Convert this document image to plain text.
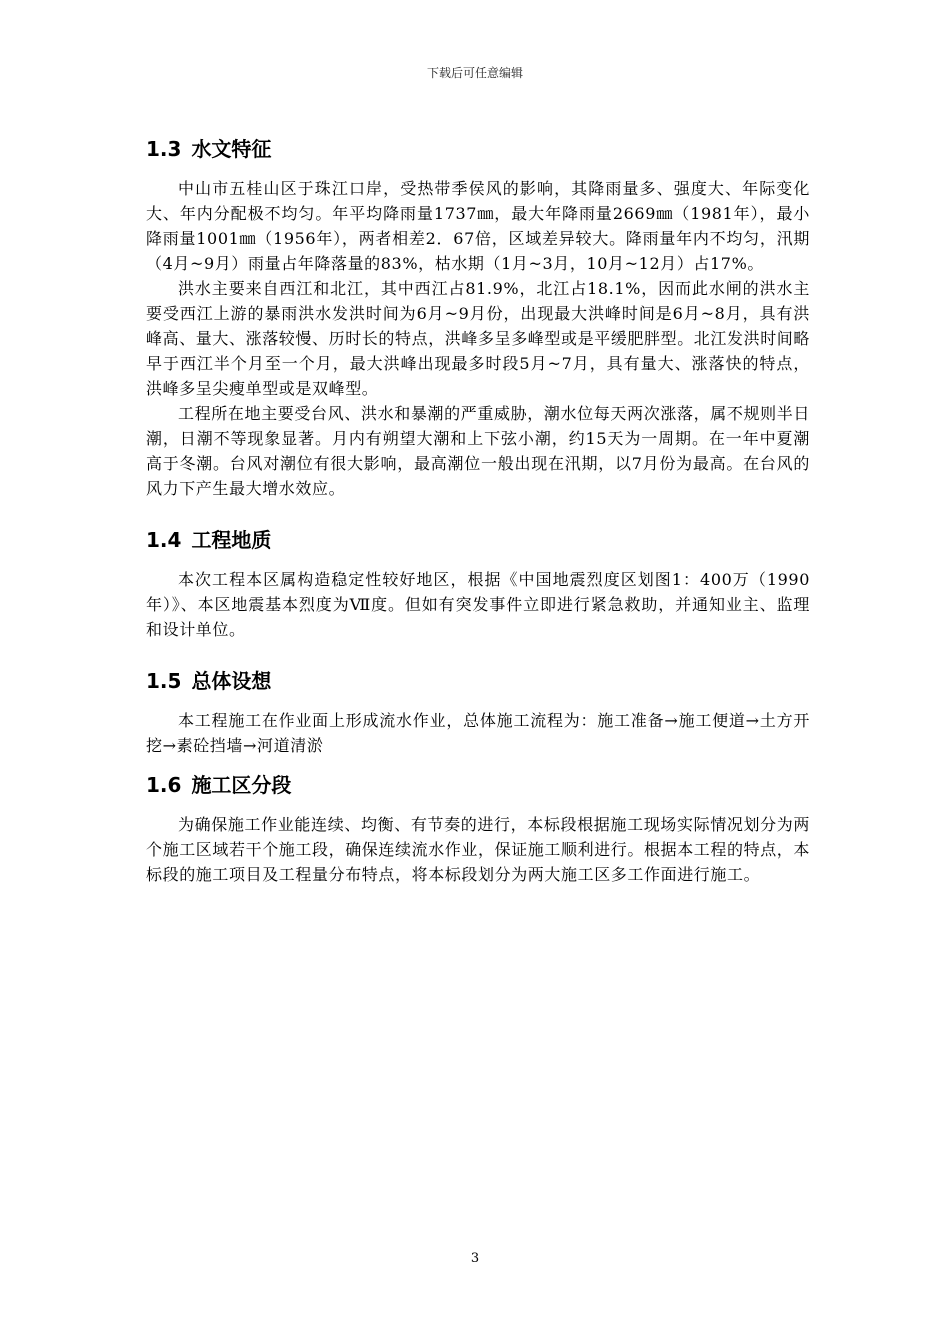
下载后可任意编辑
1.3 水文特征

中山市五桂山区于珠江口岸，受热带季侯风的影响，其降雨量多、强度大、年际变化大、年内分配极不均匀。年平均降雨量1737㎜，最大年降雨量2669㎜（1981年），最小降雨量1001㎜（1956年），两者相差2．67倍，区域差异较大。降雨量年内不均匀，汛期（4月~9月）雨量占年降落量的83%，枯水期（1月~3月，10月~12月）占17%。

洪水主要来自西江和北江，其中西江占81.9%，北江占18.1%，因而此水闸的洪水主要受西江上游的暴雨洪水发洪时间为6月~9月份，出现最大洪峰时间是6月~8月，具有洪峰高、量大、涨落较慢、历时长的特点，洪峰多呈多峰型或是平缓肥胖型。北江发洪时间略早于西江半个月至一个月，最大洪峰出现最多时段5月~7月，具有量大、涨落快的特点，洪峰多呈尖瘦单型或是双峰型。

工程所在地主要受台风、洪水和暴潮的严重威胁，潮水位每天两次涨落，属不规则半日潮，日潮不等现象显著。月内有朔望大潮和上下弦小潮，约15天为一周期。在一年中夏潮高于冬潮。台风对潮位有很大影响，最高潮位一般出现在汛期，以7月份为最高。在台风的风力下产生最大增水效应。

1.4 工程地质

本次工程本区属构造稳定性较好地区，根据《中国地震烈度区划图1：400万（1990年）》、本区地震基本烈度为Ⅶ度。但如有突发事件立即进行紧急救助，并通知业主、监理和设计单位。

1.5 总体设想

本工程施工在作业面上形成流水作业，总体施工流程为：施工准备→施工便道→土方开挖→素砼挡墙→河道清淤

1.6 施工区分段

为确保施工作业能连续、均衡、有节奏的进行，本标段根据施工现场实际情况划分为两个施工区域若干个施工段，确保连续流水作业，保证施工顺利进行。根据本工程的特点，本标段的施工项目及工程量分布特点，将本标段划分为两大施工区多工作面进行施工。

3
